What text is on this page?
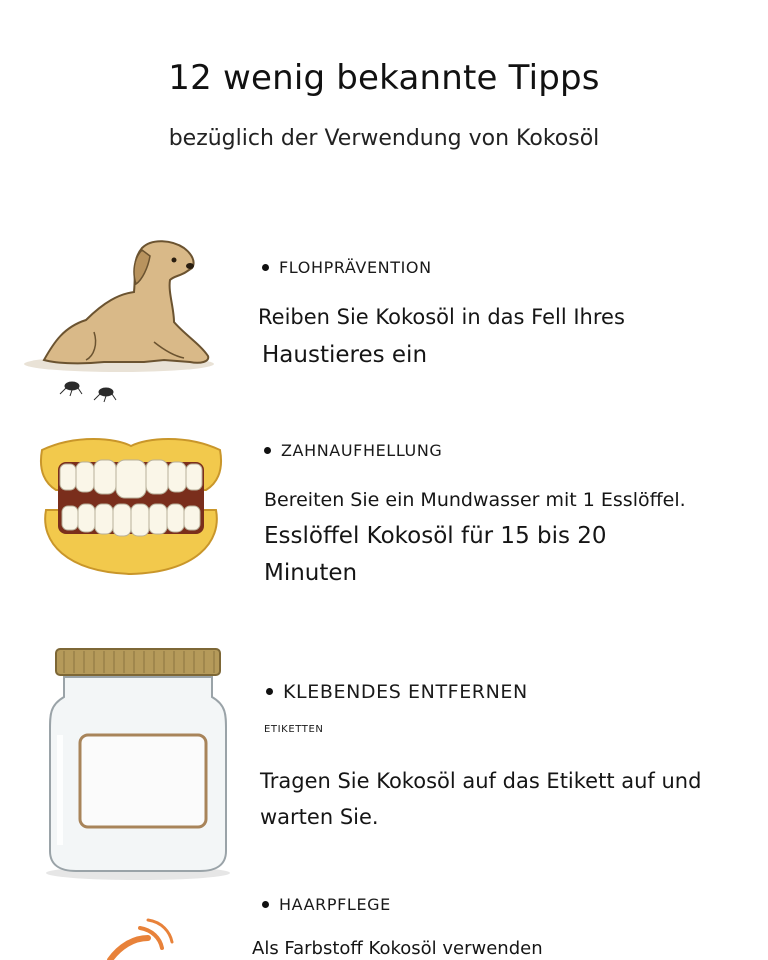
12 wenig bekannte Tipps
bezüglich der Verwendung von Kokosöl
FLOHPRÄVENTION
Reiben Sie Kokosöl in das Fell Ihres
Haustieres ein
ZAHNAUFHELLUNG
Bereiten Sie ein Mundwasser mit 1 Esslöffel.
Esslöffel Kokosöl für 15 bis 20
Minuten
KLEBENDES ENTFERNEN
ETIKETTEN
Tragen Sie Kokosöl auf das Etikett auf und
warten Sie.
HAARPFLEGE
Als Farbstoff Kokosöl verwenden
